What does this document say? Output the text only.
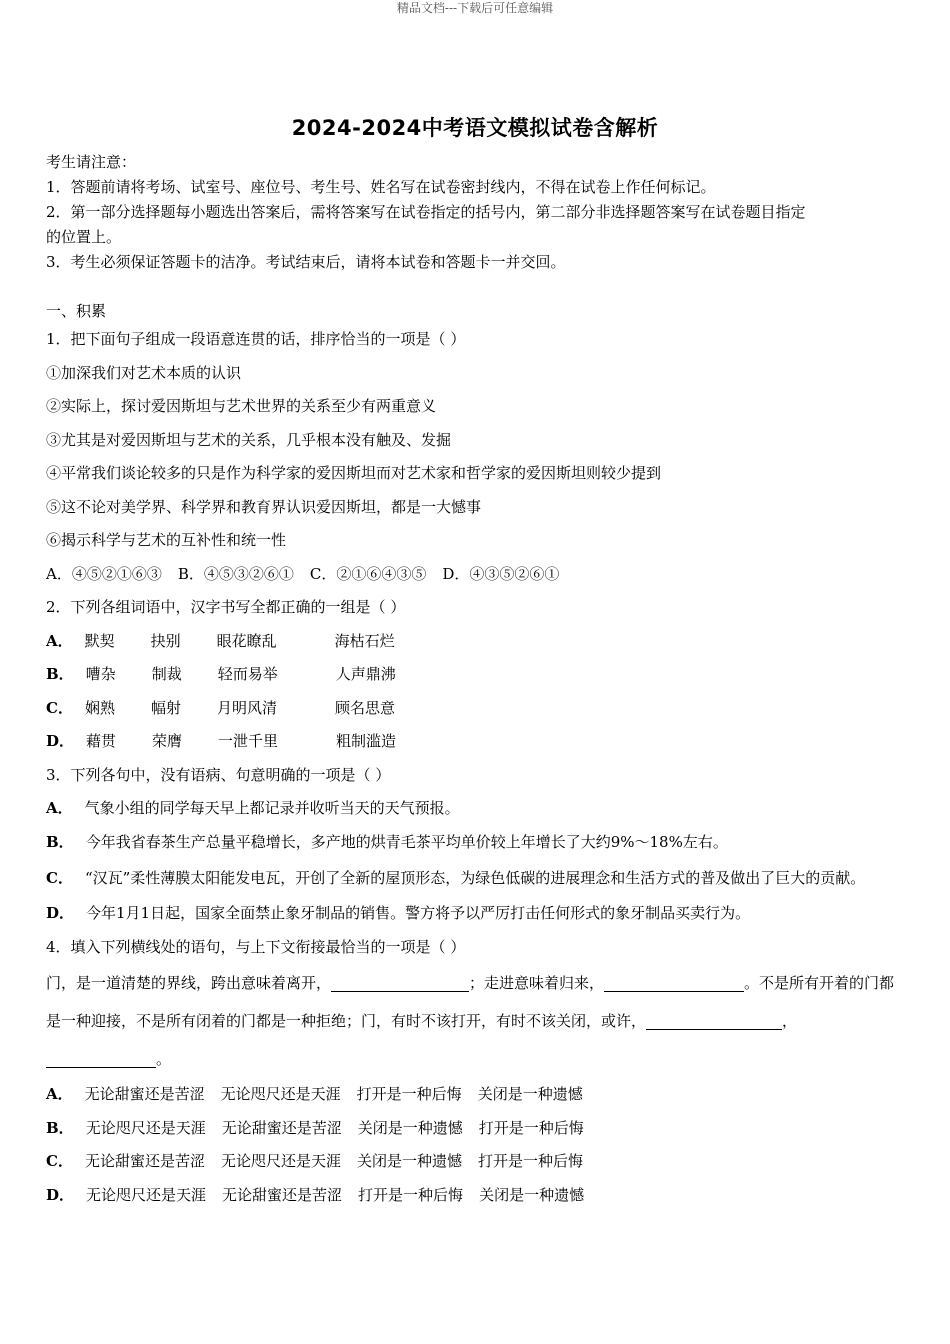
精品文档---下载后可任意编辑
2024-2024中考语文模拟试卷含解析
考生请注意：
1．答题前请将考场、试室号、座位号、考生号、姓名写在试卷密封线内，不得在试卷上作任何标记。
2．第一部分选择题每小题选出答案后，需将答案写在试卷指定的括号内，第二部分非选择题答案写在试卷题目指定
的位置上。
3．考生必须保证答题卡的洁净。考试结束后，请将本试卷和答题卡一并交回。
一、积累
1．把下面句子组成一段语意连贯的话，排序恰当的一项是（ ）
①加深我们对艺术本质的认识
②实际上，探讨爱因斯坦与艺术世界的关系至少有两重意义
③尤其是对爱因斯坦与艺术的关系，几乎根本没有触及、发掘
④平常我们谈论较多的只是作为科学家的爱因斯坦而对艺术家和哲学家的爱因斯坦则较少提到
⑤这不论对美学界、科学界和教育界认识爱因斯坦，都是一大憾事
⑥揭示科学与艺术的互补性和统一性
A．④⑤②①⑥③ B．④⑤③②⑥① C．②①⑥④③⑤ D．④③⑤②⑥①
2．下列各组词语中，汉字书写全都正确的一组是（ ）
A． 默契 抉别 眼花瞭乱	海枯石烂
B． 嘈杂 制裁 轻而易举	人声鼎沸
C． 娴熟 幅射 月明风清	顾名思意
D． 藉贯 荣膺 一泄千里	粗制滥造
3．下列各句中，没有语病、句意明确的一项是（ ）
A． 气象小组的同学每天早上都记录并收听当天的天气预报。
B． 今年我省春茶生产总量平稳增长，多产地的烘青毛茶平均单价较上年增长了大约9%～18%左右。
C． “汉瓦”柔性薄膜太阳能发电瓦，开创了全新的屋顶形态，为绿色低碳的进展理念和生活方式的普及做出了巨大的贡献。
D． 今年1月1日起，国家全面禁止象牙制品的销售。警方将予以严厉打击任何形式的象牙制品买卖行为。
4．填入下列横线处的语句，与上下文衔接最恰当的一项是（ ）
门，是一道清楚的界线，跨出意味着离开，	；走进意味着归来，	。不是所有开着的门都是一种迎接，不是所有闭着的门都是一种拒绝；门，有时不该打开，有时不该关闭，或许，	，。
A． 无论甜蜜还是苦涩 无论咫尺还是天涯 打开是一种后悔 关闭是一种遗憾
B． 无论咫尺还是天涯 无论甜蜜还是苦涩 关闭是一种遗憾 打开是一种后悔
C． 无论甜蜜还是苦涩 无论咫尺还是天涯 关闭是一种遗憾 打开是一种后悔
D． 无论咫尺还是天涯 无论甜蜜还是苦涩 打开是一种后悔 关闭是一种遗憾
